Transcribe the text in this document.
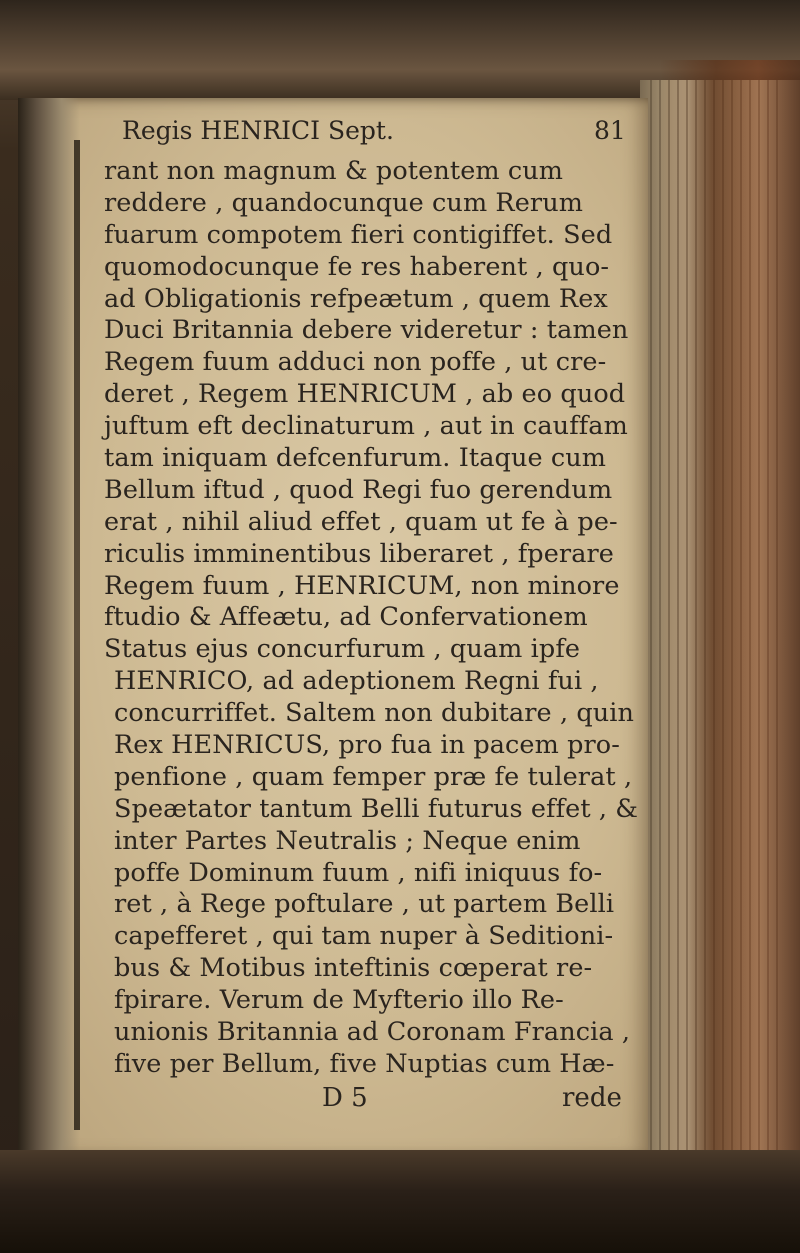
Regis HENRICI Sept.	81
rant non magnum & potentem cum
reddere , quandocunque cum Rerum
fuarum compotem fieri contigiffet. Sed
quomodocunque fe res haberent , quo-
ad Obligationis refpeætum , quem Rex
Duci Britannia debere videretur : tamen
Regem fuum adduci non poffe , ut cre-
deret , Regem HENRICUM , ab eo quod
juftum eft declinaturum , aut in cauffam
tam iniquam defcenfurum. Itaque cum
Bellum iftud , quod Regi fuo gerendum
erat , nihil aliud effet , quam ut fe à pe-
riculis imminentibus liberaret , fperare
Regem fuum , HENRICUM, non minore
ftudio & Affeætu, ad Confervationem
Status ejus concurfurum , quam ipfe
HENRICO, ad adeptionem Regni fui ,
concurriffet. Saltem non dubitare , quin
Rex HENRICUS, pro fua in pacem pro-
penfione , quam femper præ fe tulerat ,
Speætator tantum Belli futurus effet , &
inter Partes Neutralis ; Neque enim
poffe Dominum fuum , nifi iniquus fo-
ret , à Rege poftulare , ut partem Belli
capefferet , qui tam nuper à Seditioni-
bus & Motibus inteftinis cœperat re-
fpirare. Verum de Myfterio illo Re-
unionis Britannia ad Coronam Francia ,
five per Bellum, five Nuptias cum Hæ-
D 5	rede
